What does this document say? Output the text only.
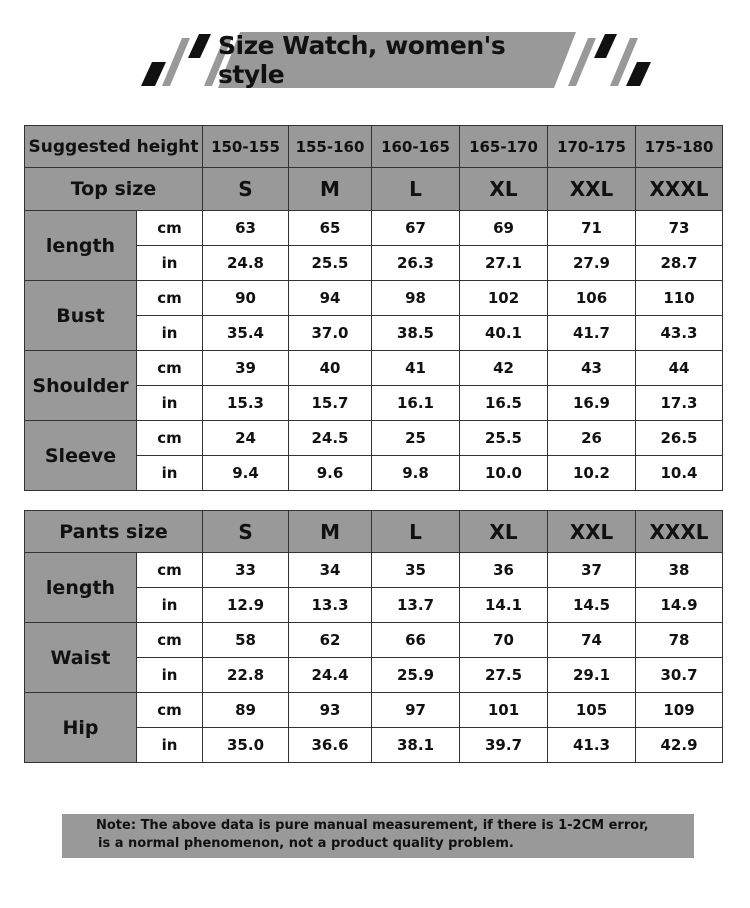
Size Watch, women's style
Suggested height		150-155	155-160	160-165	165-170	170-175	175-180
Top size		S	M	L	XL	XXL	XXXL
length	cm	63	65	67	69	71	73
	in	24.8	25.5	26.3	27.1	27.9	28.7
Bust	cm	90	94	98	102	106	110
	in	35.4	37.0	38.5	40.1	41.7	43.3
Shoulder	cm	39	40	41	42	43	44
	in	15.3	15.7	16.1	16.5	16.9	17.3
Sleeve	cm	24	24.5	25	25.5	26	26.5
	in	9.4	9.6	9.8	10.0	10.2	10.4
Pants size		S	M	L	XL	XXL	XXXL
length	cm	33	34	35	36	37	38
	in	12.9	13.3	13.7	14.1	14.5	14.9
Waist	cm	58	62	66	70	74	78
	in	22.8	24.4	25.9	27.5	29.1	30.7
Hip	cm	89	93	97	101	105	109
	in	35.0	36.6	38.1	39.7	41.3	42.9
Note: The above data is pure manual measurement, if there is 1-2CM error,
is a normal phenomenon, not a product quality problem.
